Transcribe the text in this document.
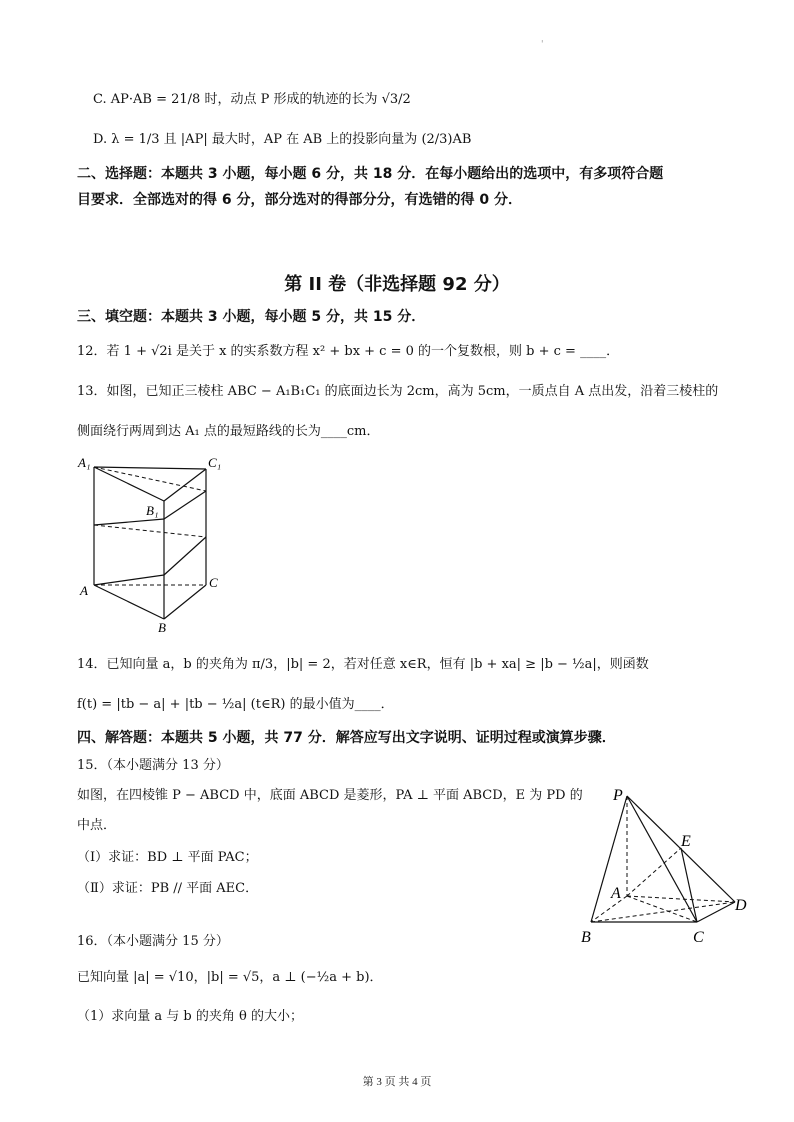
'
C. AP·AB = 21/8 时，动点 P 形成的轨迹的长为 √3/2
D. λ = 1/3 且 |AP| 最大时，AP 在 AB 上的投影向量为 (2/3)AB
二、选择题：本题共 3 小题，每小题 6 分，共 18 分．在每小题给出的选项中，有多项符合题
目要求．全部选对的得 6 分，部分选对的得部分分，有选错的得 0 分．
第 II 卷（非选择题 92 分）
三、填空题：本题共 3 小题，每小题 5 分，共 15 分．
12．若 1 + √2i 是关于 x 的实系数方程 x² + bx + c = 0 的一个复数根，则 b + c = ____．
13．如图，已知正三棱柱 ABC − A₁B₁C₁ 的底面边长为 2cm，高为 5cm，一质点自 A 点出发，沿着三棱柱的
侧面绕行两周到达 A₁ 点的最短路线的长为____cm．
A₁	C₁
B₁
A
C
B
14．已知向量 a，b 的夹角为 π/3，|b| = 2，若对任意 x∈R，恒有 |b + xa| ≥ |b − ½a|，则函数
f(t) = |tb − a| + |tb − ½a| (t∈R) 的最小值为____．
四、解答题：本题共 5 小题，共 77 分．解答应写出文字说明、证明过程或演算步骤．
15．（本小题满分 13 分）
如图，在四棱锥 P − ABCD 中，底面 ABCD 是菱形，PA ⊥ 平面 ABCD，E 为 PD 的
中点．
（Ⅰ）求证：BD ⊥ 平面 PAC；
（Ⅱ）求证：PB // 平面 AEC．
P
E
A
D
B	C
16．（本小题满分 15 分）
已知向量 |a| = √10，|b| = √5，a ⊥ (−½a + b)．
（1）求向量 a 与 b 的夹角 θ 的大小；
第 3 页 共 4 页
